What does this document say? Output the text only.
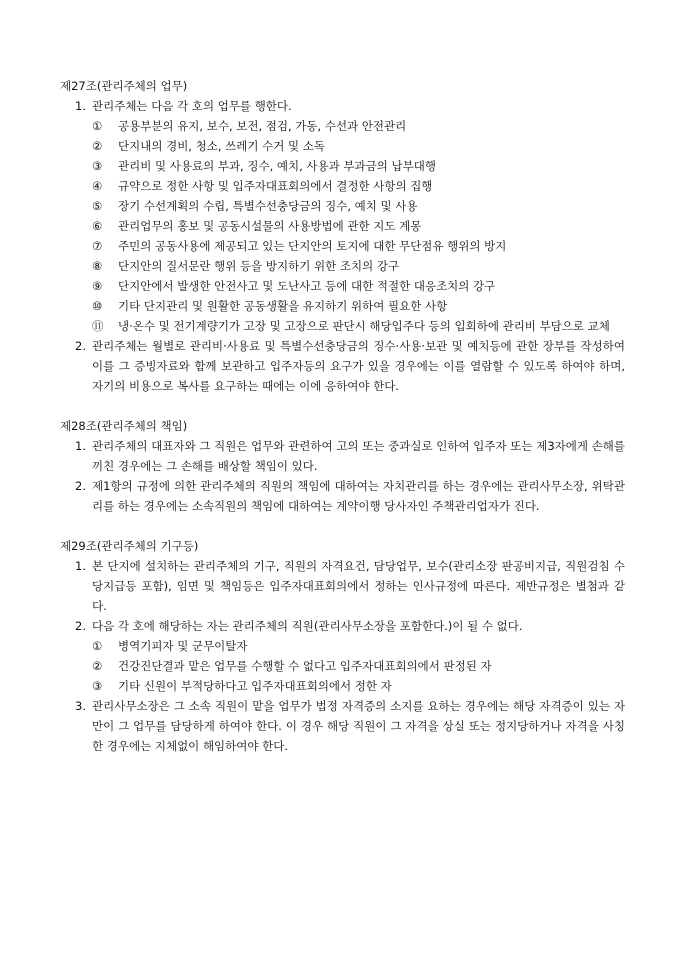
제27조(관리주체의 업무)
1. 관리주체는 다음 각 호의 업무를 행한다.
①	공용부분의 유지, 보수, 보전, 점검, 가동, 수선과 안전관리
②	단지내의 경비, 청소, 쓰레기 수거 및 소독
③	관리비 및 사용료의 부과, 징수, 예치, 사용과 부과금의 납부대행
④	규약으로 정한 사항 및 입주자대표회의에서 결정한 사항의 집행
⑤	장기 수선계획의 수립, 특별수선충당금의 징수, 예치 및 사용
⑥	관리업무의 홍보 및 공동시설물의 사용방법에 관한 지도 계몽
⑦	주민의 공동사용에 제공되고 있는 단지안의 토지에 대한 무단점유 행위의 방지
⑧	단지안의 질서문란 행위 등을 방지하기 위한 조치의 강구
⑨	단지안에서 발생한 안전사고 및 도난사고 등에 대한 적절한 대응조치의 강구
⑩	기타 단지관리 및 원활한 공동생활을 유지하기 위하여 필요한 사항
⑪	냉·온수 및 전기계량기가 고장 및 고장으로 판단시 해당입주다 등의 입회하에 관리비 부담으로 교체
2. 관리주체는 월별로 관리비·사용료 및 특별수선충당금의 징수·사용·보관 및 예치등에 관한 장부를 작성하여 이를 그 증빙자료와 함께 보관하고 입주자등의 요구가 있을 경우에는 이를 열람할 수 있도록 하여야 하며, 자기의 비용으로 복사를 요구하는 때에는 이에 응하여야 한다.
제28조(관리주체의 책임)
1. 관리주체의 대표자와 그 직원은 업무와 관련하여 고의 또는 중과실로 인하여 입주자 또는 제3자에게 손해를 끼친 경우에는 그 손해를 배상할 책임이 있다.
2. 제1항의 규정에 의한 관리주체의 직원의 책임에 대하여는 자치관리를 하는 경우에는 관리사무소장, 위탁관리를 하는 경우에는 소속직원의 책임에 대하여는 계약이행 당사자인 주책관리업자가 진다.
제29조(관리주체의 기구등)
1. 본 단지에 설치하는 관리주체의 기구, 직원의 자격요건, 담당업무, 보수(관리소장 판공비지급, 직원검침 수당지급등 포함), 임면 및 책임등은 입주자대표회의에서 정하는 인사규정에 따른다. 제반규정은 별첨과 같다.
2. 다음 각 호에 해당하는 자는 관리주체의 직원(관리사무소장을 포함한다.)이 될 수 없다.
①	병역기피자 및 군무이탈자
②	건강진단결과 맡은 업무를 수행할 수 없다고 입주자대표회의에서 판정된 자
③	기타 신원이 부적당하다고 입주자대표회의에서 정한 자
3. 관리사무소장은 그 소속 직원이 맡을 업무가 법정 자격증의 소지를 요하는 경우에는 해당 자격증이 있는 자만이 그 업무를 담당하게 하여야 한다. 이 경우 해당 직원이 그 자격을 상실 또는 정지당하거나 자격을 사칭한 경우에는 지체없이 해임하여야 한다.
